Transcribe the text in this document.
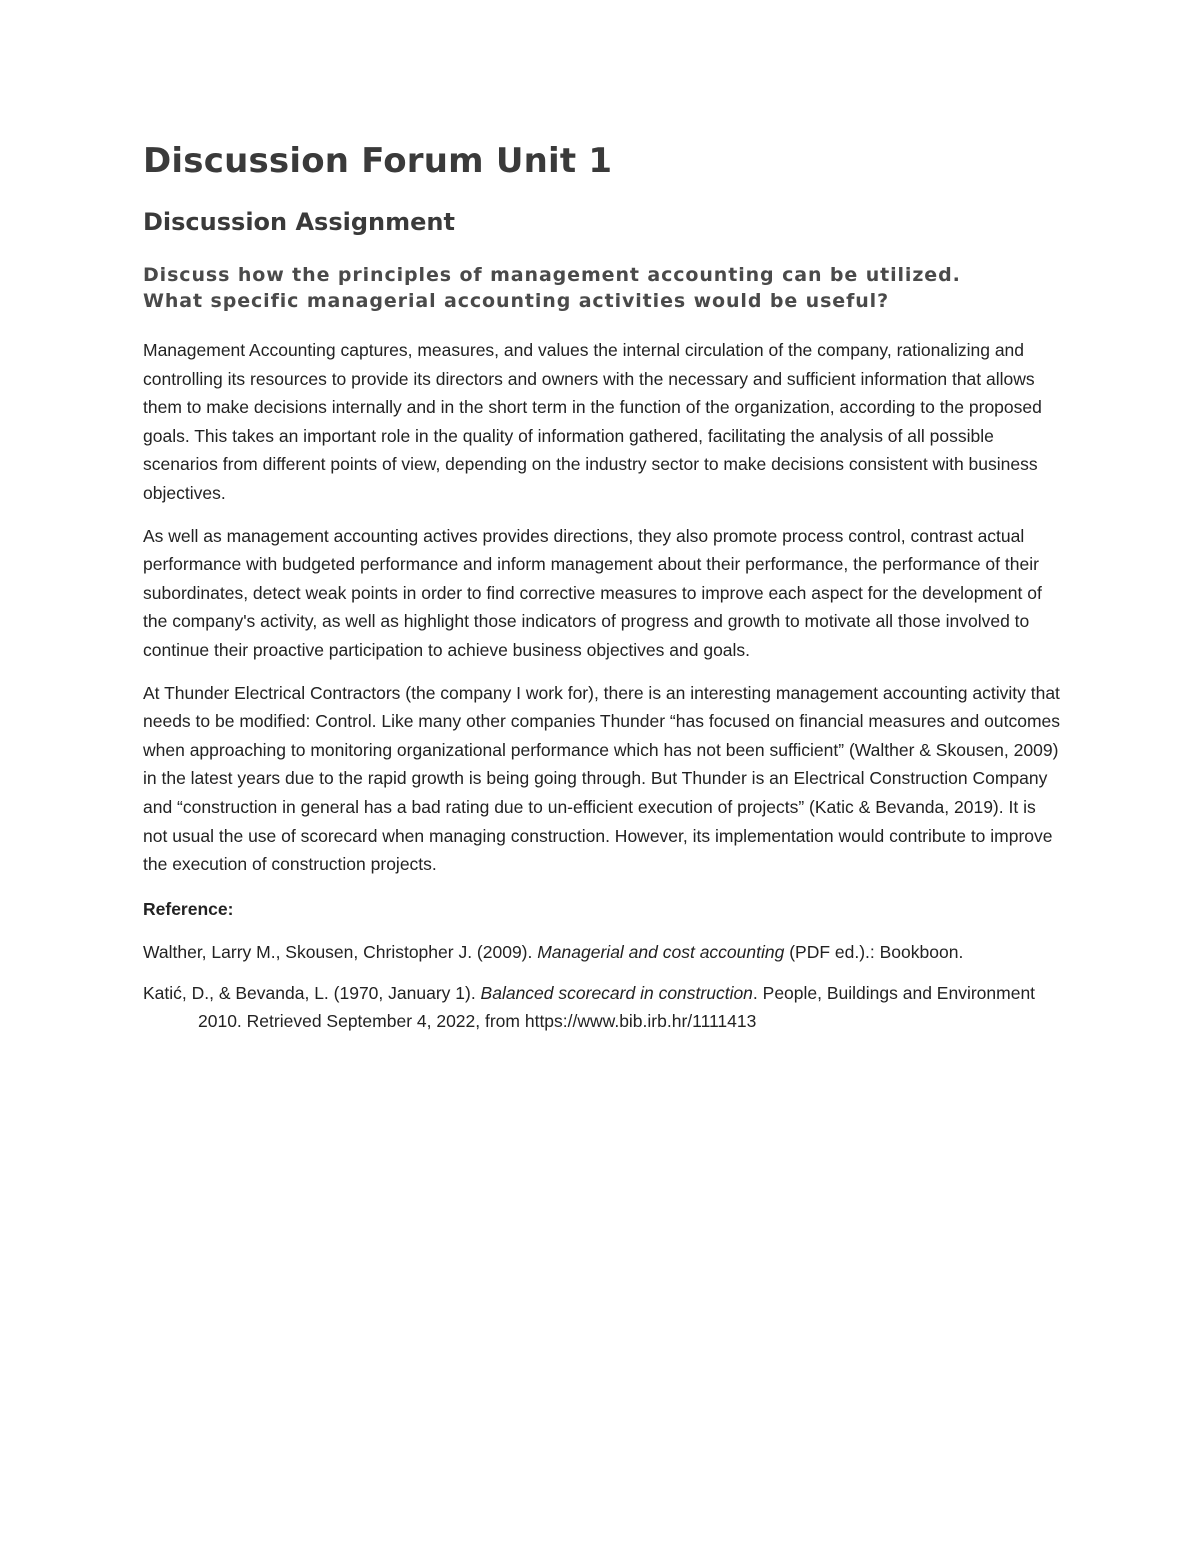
Discussion Forum Unit 1
Discussion Assignment
Discuss how the principles of management accounting can be utilized.
What specific managerial accounting activities would be useful?

Management Accounting captures, measures, and values the internal circulation of the company, rationalizing and controlling its resources to provide its directors and owners with the necessary and sufficient information that allows them to make decisions internally and in the short term in the function of the organization, according to the proposed goals. This takes an important role in the quality of information gathered, facilitating the analysis of all possible scenarios from different points of view, depending on the industry sector to make decisions consistent with business objectives.

As well as management accounting actives provides directions, they also promote process control, contrast actual performance with budgeted performance and inform management about their performance, the performance of their subordinates, detect weak points in order to find corrective measures to improve each aspect for the development of the company's activity, as well as highlight those indicators of progress and growth to motivate all those involved to continue their proactive participation to achieve business objectives and goals.

At Thunder Electrical Contractors (the company I work for), there is an interesting management accounting activity that needs to be modified: Control. Like many other companies Thunder “has focused on financial measures and outcomes when approaching to monitoring organizational performance which has not been sufficient” (Walther & Skousen, 2009) in the latest years due to the rapid growth is being going through. But Thunder is an Electrical Construction Company and “construction in general has a bad rating due to un-efficient execution of projects” (Katic & Bevanda, 2019). It is not usual the use of scorecard when managing construction. However, its implementation would contribute to improve the execution of construction projects.

Reference:

Walther, Larry M., Skousen, Christopher J. (2009). Managerial and cost accounting (PDF ed.).: Bookboon.

Katić, D., & Bevanda, L. (1970, January 1). Balanced scorecard in construction. People, Buildings and Environment 2010. Retrieved September 4, 2022, from https://www.bib.irb.hr/1111413
